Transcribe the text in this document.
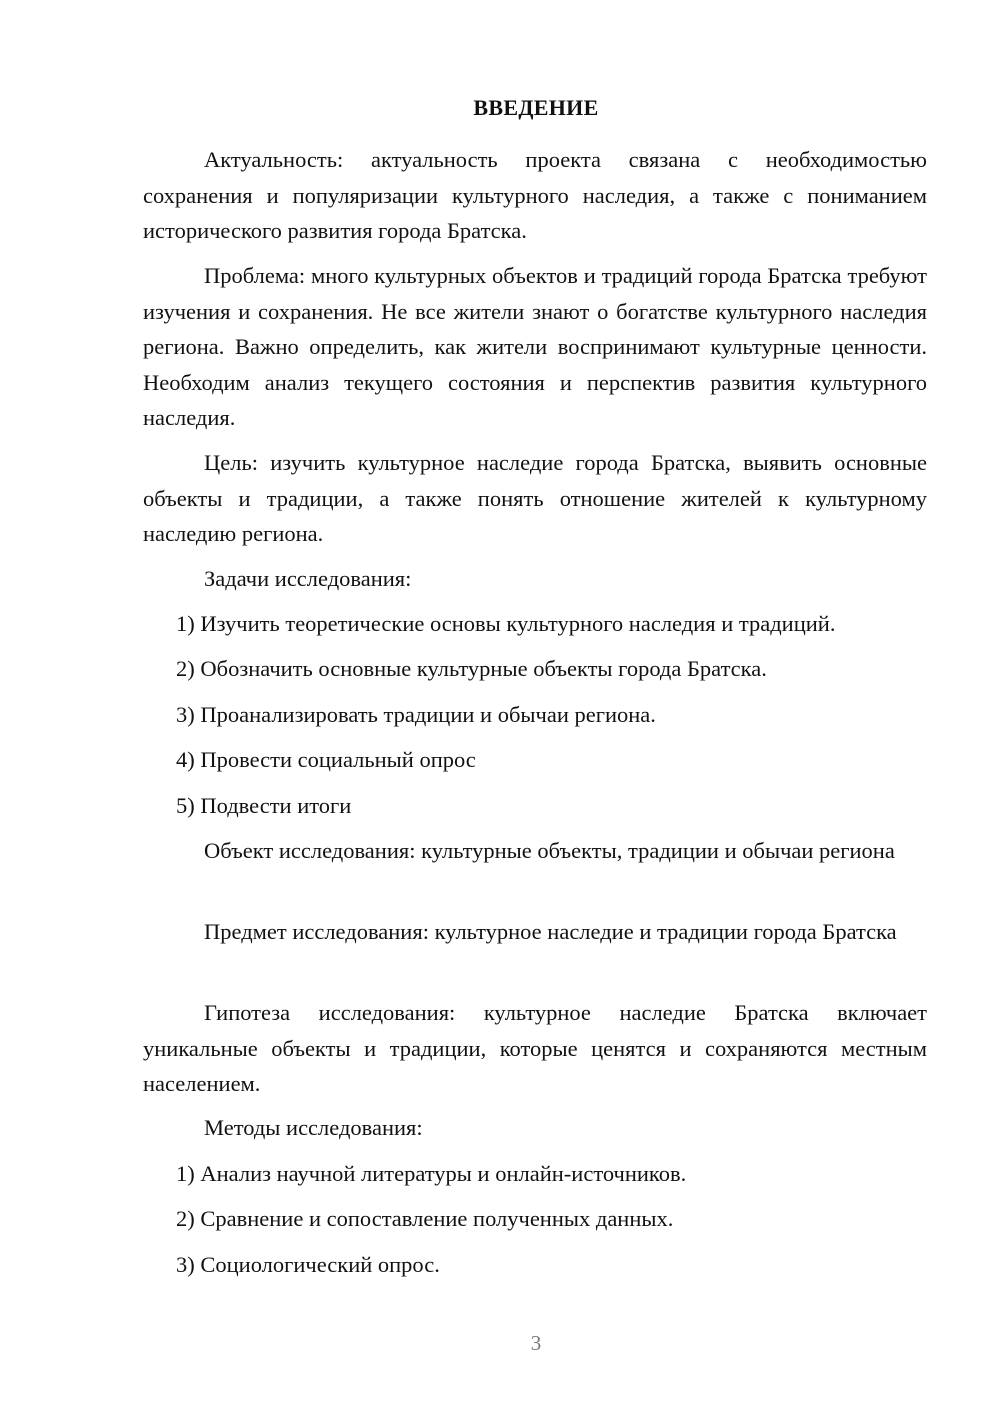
ВВЕДЕНИЕ

Актуальность: актуальность проекта связана с необходимостью сохранения и популяризации культурного наследия, а также с пониманием исторического развития города Братска.

Проблема: много культурных объектов и традиций города Братска требуют изучения и сохранения. Не все жители знают о богатстве культурного наследия региона. Важно определить, как жители воспринимают культурные ценности. Необходим анализ текущего состояния и перспектив развития культурного наследия.

Цель: изучить культурное наследие города Братска, выявить основные объекты и традиции, а также понять отношение жителей к культурному наследию региона.

Задачи исследования:

1) Изучить теоретические основы культурного наследия и традиций.
2) Обозначить основные культурные объекты города Братска.
3) Проанализировать традиции и обычаи региона.
4) Провести социальный опрос
5) Подвести итоги

Объект исследования: культурные объекты, традиции и обычаи региона

Предмет исследования: культурное наследие и традиции города Братска

Гипотеза исследования: культурное наследие Братска включает уникальные объекты и традиции, которые ценятся и сохраняются местным населением.

Методы исследования:

1) Анализ научной литературы и онлайн-источников.
2) Сравнение и сопоставление полученных данных.
3) Социологический опрос.
3
